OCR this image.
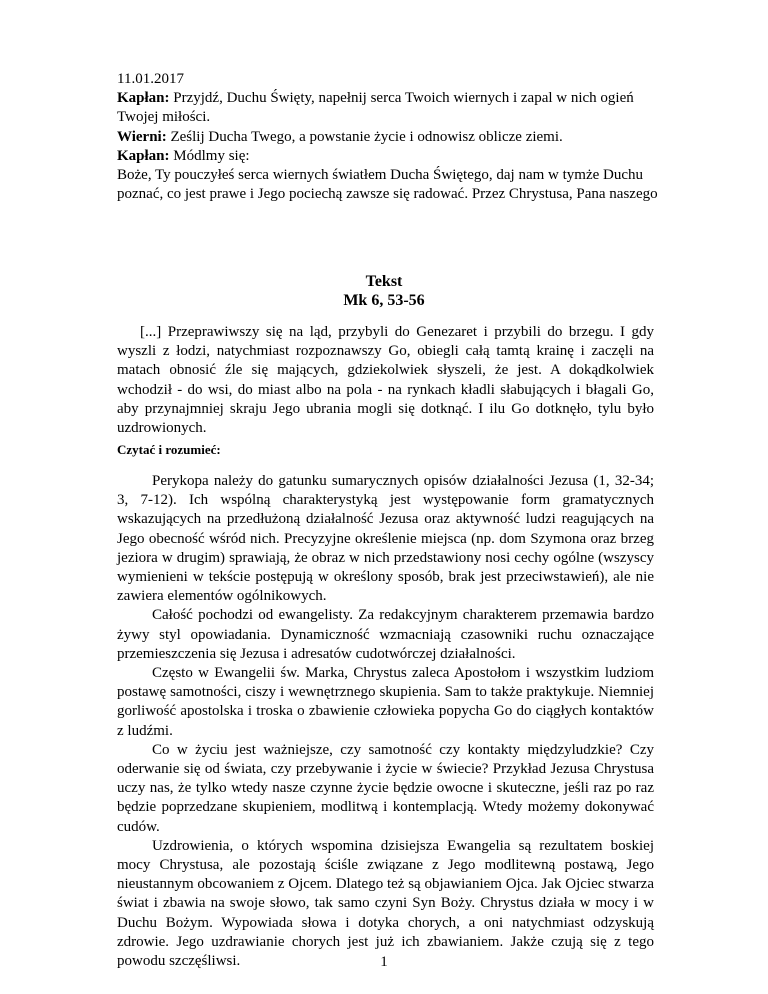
11.01.2017

Kapłan: Przyjdź, Duchu Święty, napełnij serca Twoich wiernych i zapal w nich ogień Twojej miłości.

Wierni: Ześlij Ducha Twego, a powstanie życie i odnowisz oblicze ziemi.

Kapłan: Módlmy się:

Boże, Ty pouczyłeś serca wiernych światłem Ducha Świętego, daj nam w tymże Duchu poznać, co jest prawe i Jego pociechą zawsze się radować. Przez Chrystusa, Pana naszego

Tekst
Mk 6, 53-56

[...] Przeprawiwszy się na ląd, przybyli do Genezaret i przybili do brzegu. I gdy wyszli z łodzi, natychmiast rozpoznawszy Go, obiegli całą tamtą krainę i zaczęli na matach obnosić źle się mających, gdziekolwiek słyszeli, że jest. A dokądkolwiek wchodził - do wsi, do miast albo na pola - na rynkach kładli słabujących i błagali Go, aby przynajmniej skraju Jego ubrania mogli się dotknąć. I ilu Go dotknęło, tylu było uzdrowionych.

Czytać i rozumieć:

Perykopa należy do gatunku sumarycznych opisów działalności Jezusa (1, 32-34; 3, 7-12). Ich wspólną charakterystyką jest występowanie form gramatycznych wskazujących na przedłużoną działalność Jezusa oraz aktywność ludzi reagujących na Jego obecność wśród nich. Precyzyjne określenie miejsca (np. dom Szymona oraz brzeg jeziora w drugim) sprawiają, że obraz w nich przedstawiony nosi cechy ogólne (wszyscy wymienieni w tekście postępują w określony sposób, brak jest przeciwstawień), ale nie zawiera elementów ogólnikowych.

Całość pochodzi od ewangelisty. Za redakcyjnym charakterem przemawia bardzo żywy styl opowiadania. Dynamiczność wzmacniają czasowniki ruchu oznaczające przemieszczenia się Jezusa i adresatów cudotwórczej działalności.

Często w Ewangelii św. Marka, Chrystus zaleca Apostołom i wszystkim ludziom postawę samotności, ciszy i wewnętrznego skupienia. Sam to także praktykuje. Niemniej gorliwość apostolska i troska o zbawienie człowieka popycha Go do ciągłych kontaktów z ludźmi.

Co w życiu jest ważniejsze, czy samotność czy kontakty międzyludzkie? Czy oderwanie się od świata, czy przebywanie i życie w świecie? Przykład Jezusa Chrystusa uczy nas, że tylko wtedy nasze czynne życie będzie owocne i skuteczne, jeśli raz po raz będzie poprzedzane skupieniem, modlitwą i kontemplacją. Wtedy możemy dokonywać cudów.

Uzdrowienia, o których wspomina dzisiejsza Ewangelia są rezultatem boskiej mocy Chrystusa, ale pozostają ściśle związane z Jego modlitewną postawą, Jego nieustannym obcowaniem z Ojcem. Dlatego też są objawianiem Ojca. Jak Ojciec stwarza świat i zbawia na swoje słowo, tak samo czyni Syn Boży. Chrystus działa w mocy i w Duchu Bożym. Wypowiada słowa i dotyka chorych, a oni natychmiast odzyskują zdrowie. Jego uzdrawianie chorych jest już ich zbawianiem. Jakże czują się z tego powodu szczęśliwsi.	1
